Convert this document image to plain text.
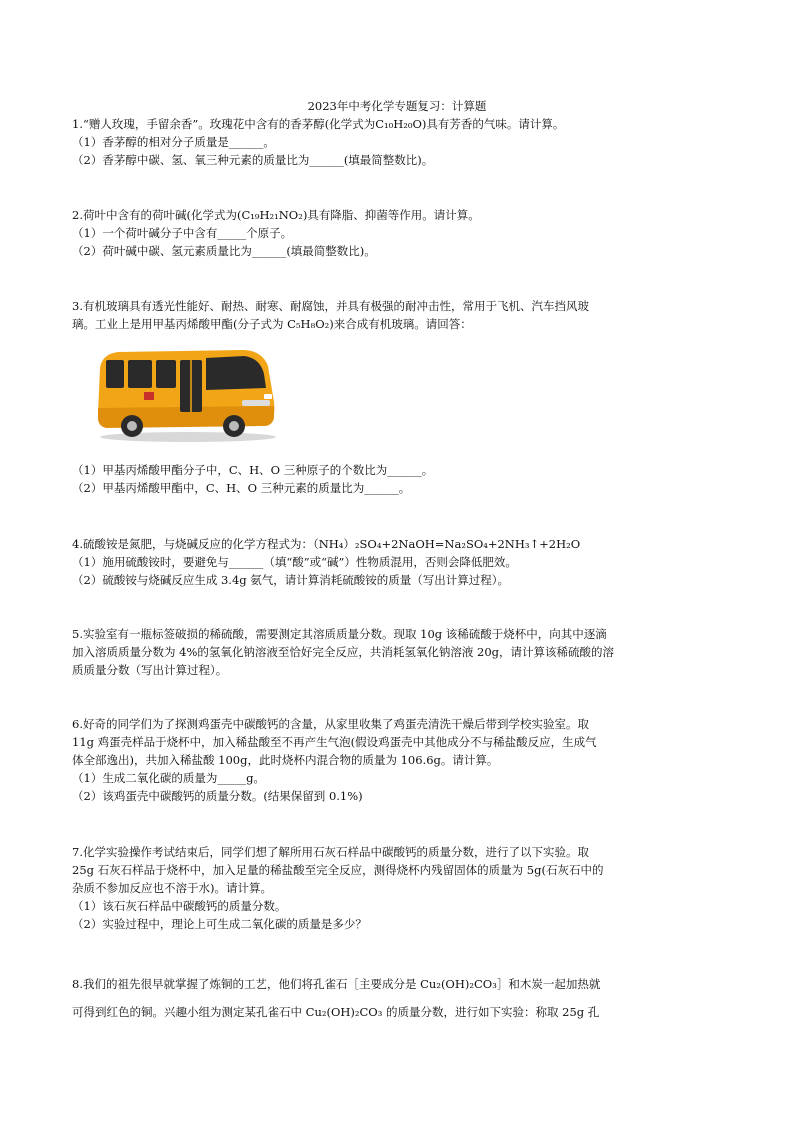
2023年中考化学专题复习：计算题
1.“赠人玫瑰，手留余香”。玫瑰花中含有的香茅醇(化学式为C₁₀H₂₀O)具有芳香的气味。请计算。
（1）香茅醇的相对分子质量是______。
（2）香茅醇中碳、氢、氧三种元素的质量比为______(填最简整数比)。
2.荷叶中含有的荷叶碱(化学式为(C₁₉H₂₁NO₂)具有降脂、抑菌等作用。请计算。
（1）一个荷叶碱分子中含有_____个原子。
（2）荷叶碱中碳、氢元素质量比为______(填最简整数比)。
3.有机玻璃具有透光性能好、耐热、耐寒、耐腐蚀，并具有极强的耐冲击性，常用于飞机、汽车挡风玻
璃。工业上是用甲基丙烯酸甲酯(分子式为 C₅H₈O₂)来合成有机玻璃。请回答：
（1）甲基丙烯酸甲酯分子中，C、H、O 三种原子的个数比为______。
（2）甲基丙烯酸甲酯中，C、H、O 三种元素的质量比为______。
4.硫酸铵是氮肥，与烧碱反应的化学方程式为：（NH₄）₂SO₄+2NaOH=Na₂SO₄+2NH₃↑+2H₂O
（1）施用硫酸铵时，要避免与______（填“酸”或“碱”）性物质混用，否则会降低肥效。
（2）硫酸铵与烧碱反应生成 3.4g 氨气，请计算消耗硫酸铵的质量（写出计算过程）。
5.实验室有一瓶标签破损的稀硫酸，需要测定其溶质质量分数。现取 10g 该稀硫酸于烧杯中，向其中逐滴
加入溶质质量分数为 4%的氢氧化钠溶液至恰好完全反应，共消耗氢氧化钠溶液 20g，请计算该稀硫酸的溶
质质量分数（写出计算过程）。
6.好奇的同学们为了探测鸡蛋壳中碳酸钙的含量，从家里收集了鸡蛋壳清洗干燥后带到学校实验室。取
11g 鸡蛋壳样品于烧杯中，加入稀盐酸至不再产生气泡(假设鸡蛋壳中其他成分不与稀盐酸反应，生成气
体全部逸出)，共加入稀盐酸 100g，此时烧杯内混合物的质量为 106.6g。请计算。
（1）生成二氧化碳的质量为_____g。
（2）该鸡蛋壳中碳酸钙的质量分数。(结果保留到 0.1%)
7.化学实验操作考试结束后，同学们想了解所用石灰石样品中碳酸钙的质量分数，进行了以下实验。取
25g 石灰石样品于烧杯中，加入足量的稀盐酸至完全反应，测得烧杯内残留固体的质量为 5g(石灰石中的
杂质不参加反应也不溶于水)。请计算。
（1）该石灰石样品中碳酸钙的质量分数。
（2）实验过程中，理论上可生成二氧化碳的质量是多少？
8.我们的祖先很早就掌握了炼铜的工艺，他们将孔雀石［主要成分是 Cu₂(OH)₂CO₃］和木炭一起加热就
可得到红色的铜。兴趣小组为测定某孔雀石中 Cu₂(OH)₂CO₃ 的质量分数，进行如下实验：称取 25g 孔
